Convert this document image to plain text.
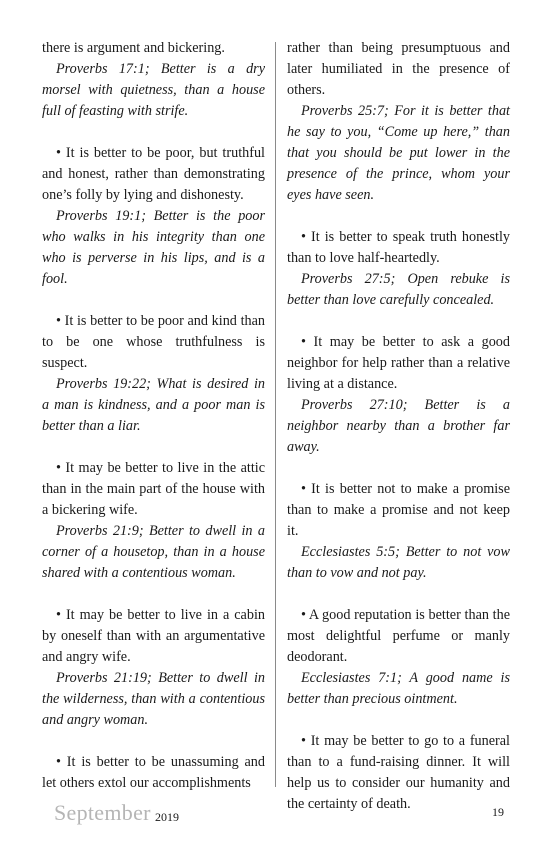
there is argument and bickering.

Proverbs 17:1; Better is a dry morsel with quietness, than a house full of feasting with strife.

• It is better to be poor, but truthful and honest, rather than demonstrating one’s folly by lying and dishonesty.

Proverbs 19:1; Better is the poor who walks in his integrity than one who is perverse in his lips, and is a fool.

• It is better to be poor and kind than to be one whose truthfulness is suspect.

Proverbs 19:22; What is desired in a man is kindness, and a poor man is better than a liar.

• It may be better to live in the attic than in the main part of the house with a bickering wife.

Proverbs 21:9; Better to dwell in a corner of a housetop, than in a house shared with a contentious woman.

• It may be better to live in a cabin by oneself than with an argumentative and angry wife.

Proverbs 21:19; Better to dwell in the wilderness, than with a contentious and angry woman.

• It is better to be unassuming and let others extol our accomplishments

rather than being presumptuous and later humiliated in the presence of others.

Proverbs 25:7; For it is better that he say to you, “Come up here,” than that you should be put lower in the presence of the prince, whom your eyes have seen.

• It is better to speak truth honestly than to love half-heartedly.

Proverbs 27:5; Open rebuke is better than love carefully concealed.

• It may be better to ask a good neighbor for help rather than a relative living at a distance.

Proverbs 27:10; Better is a neighbor nearby than a brother far away.

• It is better not to make a promise than to make a promise and not keep it.

Ecclesiastes 5:5; Better to not vow than to vow and not pay.

• A good reputation is better than the most delightful perfume or manly deodorant.

Ecclesiastes 7:1; A good name is better than precious ointment.

• It may be better to go to a funeral than to a fund-raising dinner. It will help us to consider our humanity and the certainty of death.

September 2019	19
